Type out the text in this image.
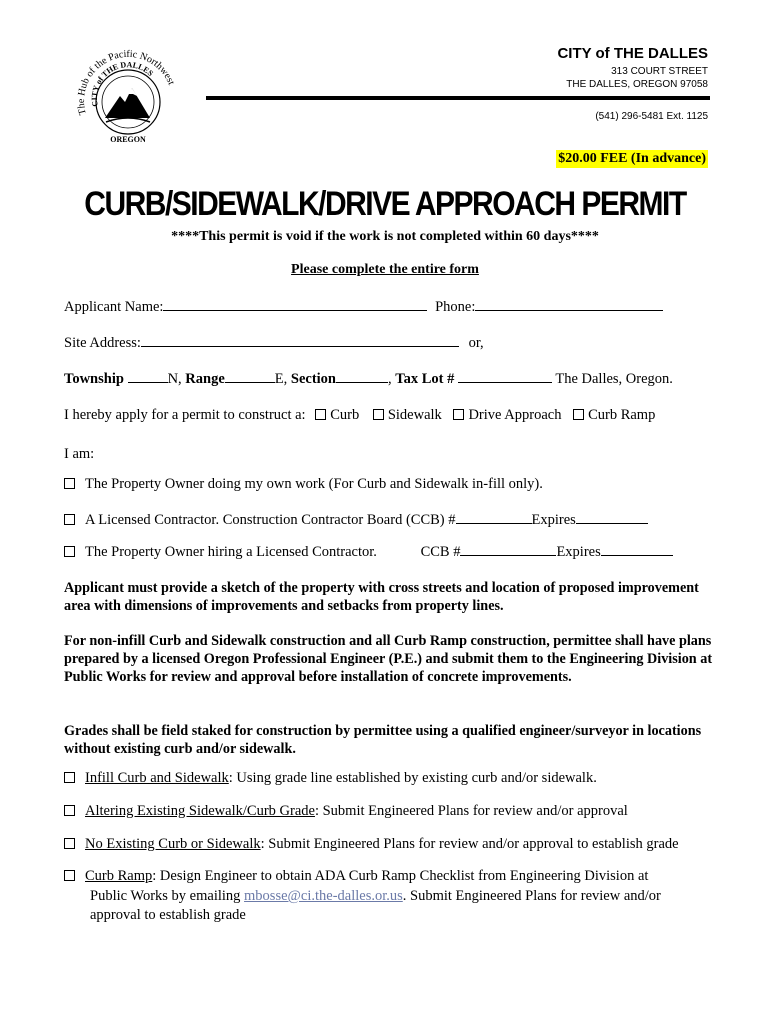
The Hub of the Pacific Northwest
CITY of THE DALLES
OREGON
CITY of THE DALLES
313 COURT STREET
THE DALLES, OREGON 97058
(541) 296-5481 Ext. 1125
$20.00 FEE (In advance)
CURB/SIDEWALK/DRIVE APPROACH PERMIT
****This permit is void if the work is not completed within 60 days****
Please complete the entire form
Applicant Name:	Phone:
Site Address:	or,
Township	N, Range	E, Section	, Tax Lot #	The Dalles, Oregon.
I hereby apply for a permit to construct a: Curb Sidewalk Drive Approach Curb Ramp
I am:
The Property Owner doing my own work (For Curb and Sidewalk in-fill only).
A Licensed Contractor. Construction Contractor Board (CCB) #	Expires
The Property Owner hiring a Licensed Contractor.	CCB #	Expires
Applicant must provide a sketch of the property with cross streets and location of proposed improvement area with dimensions of improvements and setbacks from property lines.
For non-infill Curb and Sidewalk construction and all Curb Ramp construction, permittee shall have plans prepared by a licensed Oregon Professional Engineer (P.E.) and submit them to the Engineering Division at Public Works for review and approval before installation of concrete improvements.
Grades shall be field staked for construction by permittee using a qualified engineer/surveyor in locations without existing curb and/or sidewalk.
Infill Curb and Sidewalk: Using grade line established by existing curb and/or sidewalk.
Altering Existing Sidewalk/Curb Grade: Submit Engineered Plans for review and/or approval
No Existing Curb or Sidewalk: Submit Engineered Plans for review and/or approval to establish grade
Curb Ramp: Design Engineer to obtain ADA Curb Ramp Checklist from Engineering Division at
Public Works by emailing mbosse@ci.the-dalles.or.us. Submit Engineered Plans for review and/or
approval to establish grade
